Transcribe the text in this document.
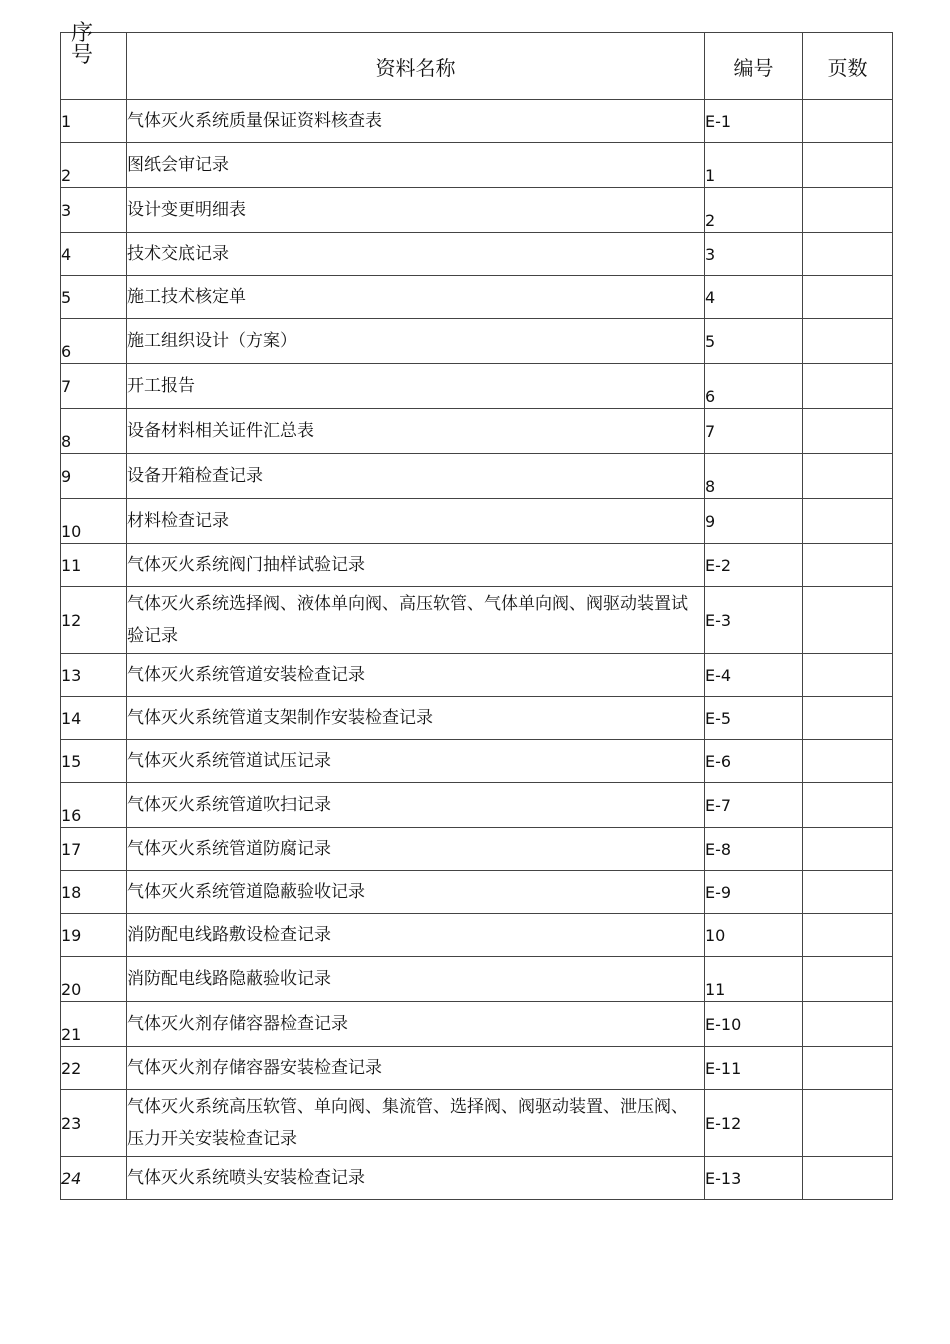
序号	资料名称	编号	页数
1	气体灭火系统质量保证资料核查表	E-1	
2	图纸会审记录	1	
3	设计变更明细表	2	
4	技术交底记录	3	
5	施工技术核定单	4	
6	施工组织设计（方案）	5	
7	开工报告	6	
8	设备材料相关证件汇总表	7	
9	设备开箱检查记录	8	
10	材料检查记录	9	
11	气体灭火系统阀门抽样试验记录	E-2	
12	气体灭火系统选择阀、液体单向阀、高压软管、气体单向阀、阀驱动装置试验记录	E-3	
13	气体灭火系统管道安装检查记录	E-4	
14	气体灭火系统管道支架制作安装检查记录	E-5	
15	气体灭火系统管道试压记录	E-6	
16	气体灭火系统管道吹扫记录	E-7	
17	气体灭火系统管道防腐记录	E-8	
18	气体灭火系统管道隐蔽验收记录	E-9	
19	消防配电线路敷设检查记录	10	
20	消防配电线路隐蔽验收记录	11	
21	气体灭火剂存储容器检查记录	E-10	
22	气体灭火剂存储容器安装检查记录	E-11	
23	气体灭火系统高压软管、单向阀、集流管、选择阀、阀驱动装置、泄压阀、压力开关安装检查记录	E-12	
24	气体灭火系统喷头安装检查记录	E-13	
